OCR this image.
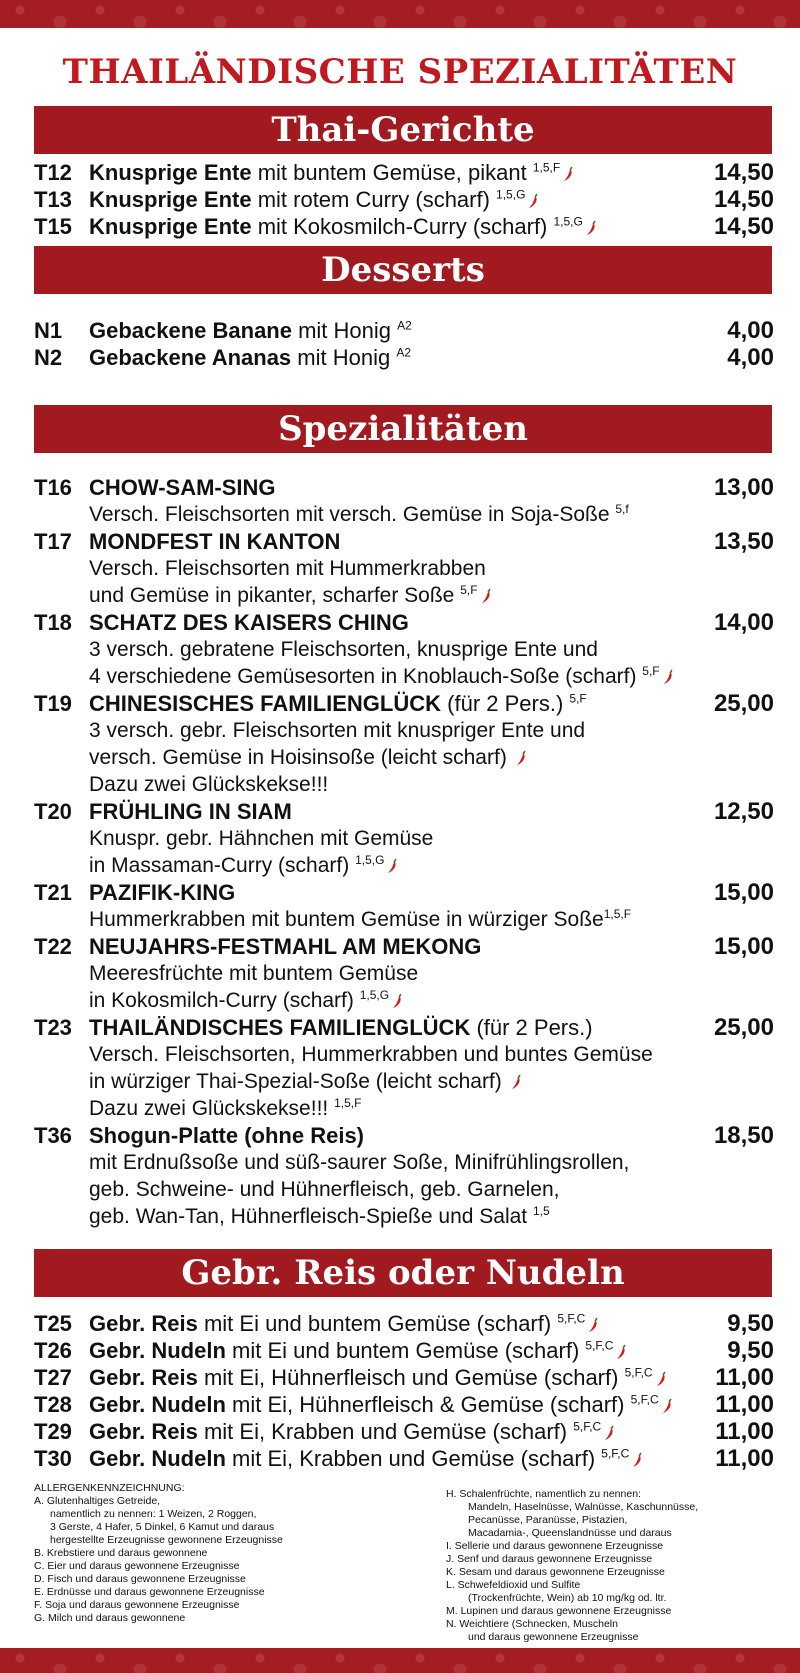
THAILÄNDISCHE SPEZIALITÄTEN
Thai-Gerichte
T12 Knusprige Ente mit buntem Gemüse, pikant $^{1,5,F}$	14,50
T13 Knusprige Ente mit rotem Curry (scharf) $^{1,5,G}$	14,50
T15 Knusprige Ente mit Kokosmilch-Curry (scharf) $^{1,5,G}$	14,50
Desserts
N1 Gebackene Banane mit Honig $^{A2}$	4,00
N2 Gebackene Ananas mit Honig $^{A2}$	4,00
Spezialitäten
T16 CHOW-SAM-SING	13,00
Versch. Fleischsorten mit versch. Gemüse in Soja-Soße $^{5,f}$
T17 MONDFEST IN KANTON	13,50
Versch. Fleischsorten mit Hummerkrabben
und Gemüse in pikanter, scharfer Soße $^{5,F}$
T18 SCHATZ DES KAISERS CHING	14,00
3 versch. gebratene Fleischsorten, knusprige Ente und
4 verschiedene Gemüsesorten in Knoblauch-Soße (scharf) $^{5,F}$
T19 CHINESISCHES FAMILIENGLÜCK (für 2 Pers.) $^{5,F}$	25,00
3 versch. gebr. Fleischsorten mit knuspriger Ente und
versch. Gemüse in Hoisinsoße (leicht scharf)
Dazu zwei Glückskekse!!!
T20 FRÜHLING IN SIAM	12,50
Knuspr. gebr. Hähnchen mit Gemüse
in Massaman-Curry (scharf) $^{1,5,G}$
T21 PAZIFIK-KING	15,00
Hummerkrabben mit buntem Gemüse in würziger Soße$^{1,5,F}$
T22 NEUJAHRS-FESTMAHL AM MEKONG	15,00
Meeresfrüchte mit buntem Gemüse
in Kokosmilch-Curry (scharf) $^{1,5,G}$
T23 THAILÄNDISCHES FAMILIENGLÜCK (für 2 Pers.)	25,00
Versch. Fleischsorten, Hummerkrabben und buntes Gemüse
in würziger Thai-Spezial-Soße (leicht scharf)
Dazu zwei Glückskekse!!! $^{1,5,F}$
T36 Shogun-Platte (ohne Reis)	18,50
mit Erdnußsoße und süß-saurer Soße, Minifrühlingsrollen,
geb. Schweine- und Hühnerfleisch, geb. Garnelen,
geb. Wan-Tan, Hühnerfleisch-Spieße und Salat $^{1,5}$
Gebr. Reis oder Nudeln
T25 Gebr. Reis mit Ei und buntem Gemüse (scharf) $^{5,F,C}$	9,50
T26 Gebr. Nudeln mit Ei und buntem Gemüse (scharf) $^{5,F,C}$	9,50
T27 Gebr. Reis mit Ei, Hühnerfleisch und Gemüse (scharf) $^{5,F,C}$	11,00
T28 Gebr. Nudeln mit Ei, Hühnerfleisch & Gemüse (scharf) $^{5,F,C}$	11,00
T29 Gebr. Reis mit Ei, Krabben und Gemüse (scharf) $^{5,F,C}$	11,00
T30 Gebr. Nudeln mit Ei, Krabben und Gemüse (scharf) $^{5,F,C}$	11,00
ALLERGENKENNZEICHNUNG:
A. Glutenhaltiges Getreide,
namentlich zu nennen: 1 Weizen, 2 Roggen,
3 Gerste, 4 Hafer, 5 Dinkel, 6 Kamut und daraus
hergestellte Erzeugnisse gewonnene Erzeugnisse
B. Krebstiere und daraus gewonnene
C. Eier und daraus gewonnene Erzeugnisse
D. Fisch und daraus gewonnene Erzeugnisse
E. Erdnüsse und daraus gewonnene Erzeugnisse
F. Soja und daraus gewonnene Erzeugnisse
G. Milch und daraus gewonnene
H. Schalenfrüchte, namentlich zu nennen:
Mandeln, Haselnüsse, Walnüsse, Kaschunnüsse,
Pecanüsse, Paranüsse, Pistazien,
Macadamia-, Queenslandnüsse und daraus
I. Sellerie und daraus gewonnene Erzeugnisse
J. Senf und daraus gewonnene Erzeugnisse
K. Sesam und daraus gewonnene Erzeugnisse
L. Schwefeldioxid und Sulfite
(Trockenfrüchte, Wein) ab 10 mg/kg od. ltr.
M. Lupinen und daraus gewonnene Erzeugnisse
N. Weichtiere (Schnecken, Muscheln
und daraus gewonnene Erzeugnisse
